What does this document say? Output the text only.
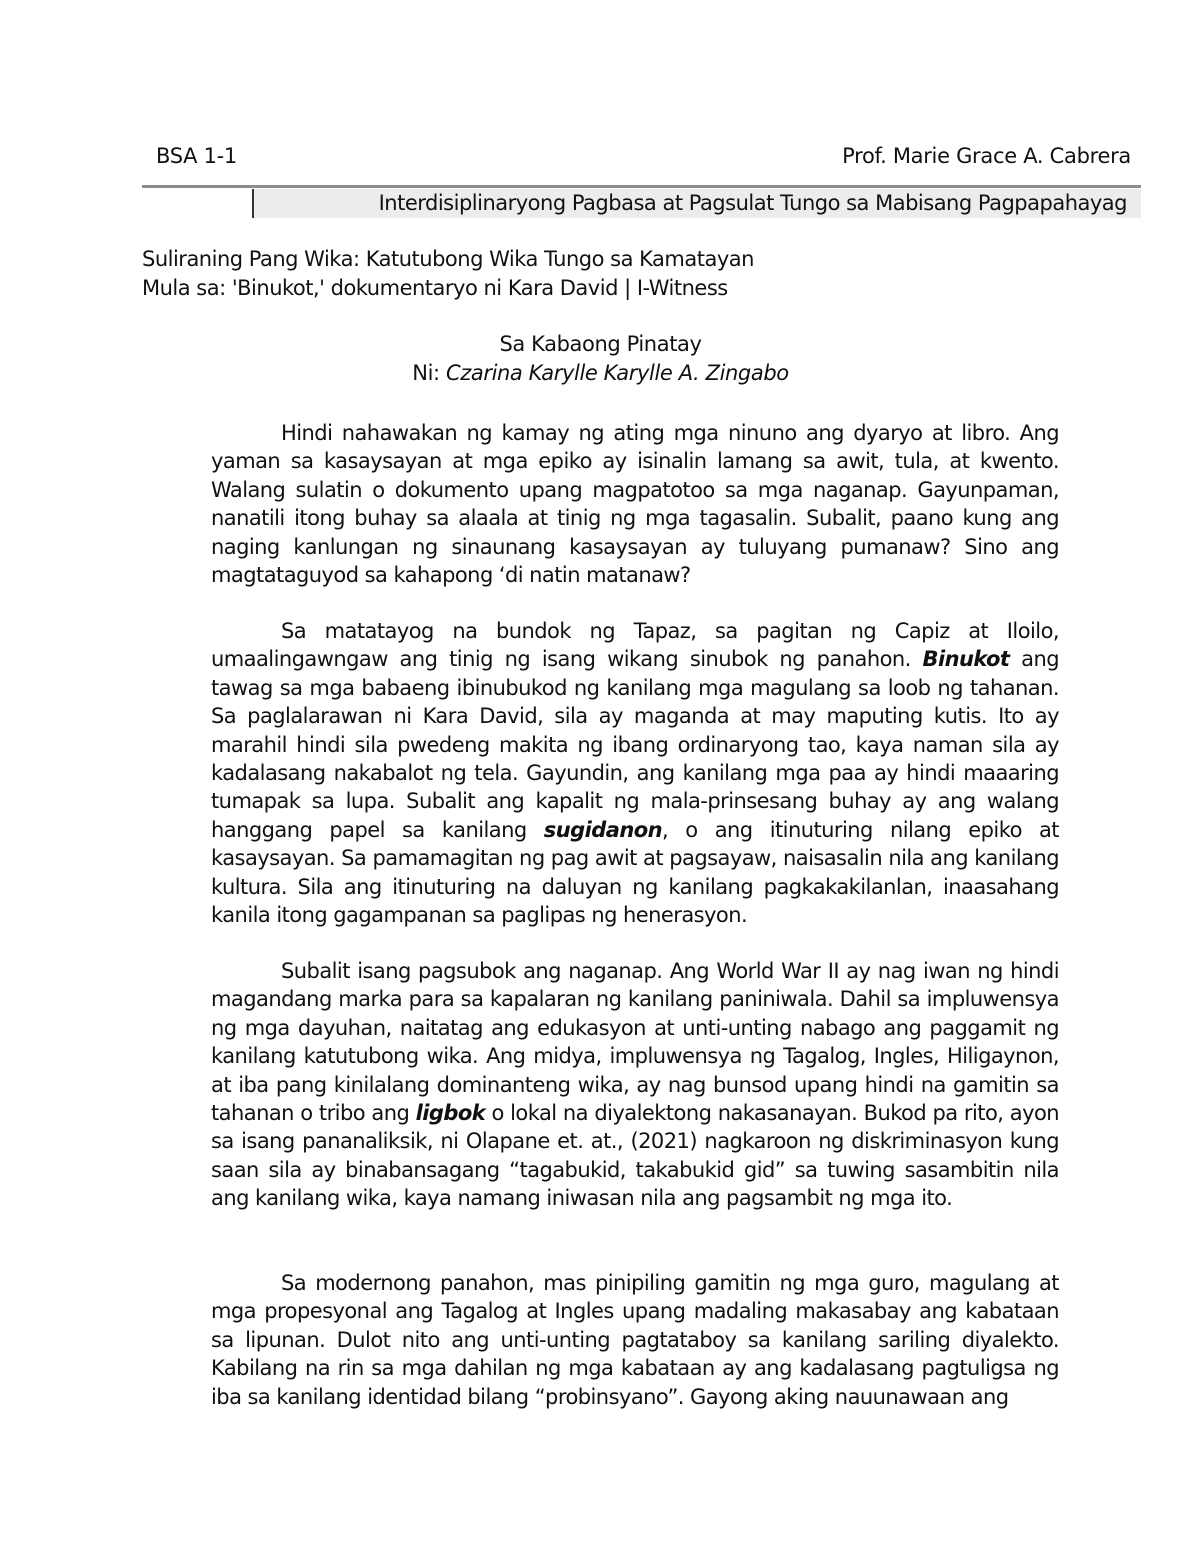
BSA 1-1	Prof. Marie Grace A. Cabrera
Interdisiplinaryong Pagbasa at Pagsulat Tungo sa Mabisang Pagpapahayag
Suliraning Pang Wika: Katutubong Wika Tungo sa Kamatayan
Mula sa: 'Binukot,' dokumentaryo ni Kara David | I-Witness
Sa Kabaong Pinatay
Ni: Czarina Karylle Karylle A. Zingabo

Hindi nahawakan ng kamay ng ating mga ninuno ang dyaryo at libro. Ang yaman sa kasaysayan at mga epiko ay isinalin lamang sa awit, tula, at kwento. Walang sulatin o dokumento upang magpatotoo sa mga naganap. Gayunpaman, nanatili itong buhay sa alaala at tinig ng mga tagasalin. Subalit, paano kung ang naging kanlungan ng sinaunang kasaysayan ay tuluyang pumanaw? Sino ang magtataguyod sa kahapong ‘di natin matanaw?

Sa matatayog na bundok ng Tapaz, sa pagitan ng Capiz at Iloilo, umaalingawngaw ang tinig ng isang wikang sinubok ng panahon. Binukot ang tawag sa mga babaeng ibinubukod ng kanilang mga magulang sa loob ng tahanan. Sa paglalarawan ni Kara David, sila ay maganda at may maputing kutis. Ito ay marahil hindi sila pwedeng makita ng ibang ordinaryong tao, kaya naman sila ay kadalasang nakabalot ng tela. Gayundin, ang kanilang mga paa ay hindi maaaring tumapak sa lupa. Subalit ang kapalit ng mala-prinsesang buhay ay ang walang hanggang papel sa kanilang sugidanon, o ang itinuturing nilang epiko at kasaysayan. Sa pamamagitan ng pag awit at pagsayaw, naisasalin nila ang kanilang kultura. Sila ang itinuturing na daluyan ng kanilang pagkakakilanlan, inaasahang kanila itong gagampanan sa paglipas ng henerasyon.

Subalit isang pagsubok ang naganap. Ang World War II ay nag iwan ng hindi magandang marka para sa kapalaran ng kanilang paniniwala. Dahil sa impluwensya ng mga dayuhan, naitatag ang edukasyon at unti-unting nabago ang paggamit ng kanilang katutubong wika. Ang midya, impluwensya ng Tagalog, Ingles, Hiligaynon, at iba pang kinilalang dominanteng wika, ay nag bunsod upang hindi na gamitin sa tahanan o tribo ang ligbok o lokal na diyalektong nakasanayan. Bukod pa rito, ayon sa isang pananaliksik, ni Olapane et. at., (2021) nagkaroon ng diskriminasyon kung saan sila ay binabansagang “tagabukid, takabukid gid” sa tuwing sasambitin nila ang kanilang wika, kaya namang iniwasan nila ang pagsambit ng mga ito.

Sa modernong panahon, mas pinipiling gamitin ng mga guro, magulang at mga propesyonal ang Tagalog at Ingles upang madaling makasabay ang kabataan sa lipunan. Dulot nito ang unti-unting pagtataboy sa kanilang sariling diyalekto. Kabilang na rin sa mga dahilan ng mga kabataan ay ang kadalasang pagtuligsa ng iba sa kanilang identidad bilang “probinsyano”. Gayong aking nauunawaan ang
